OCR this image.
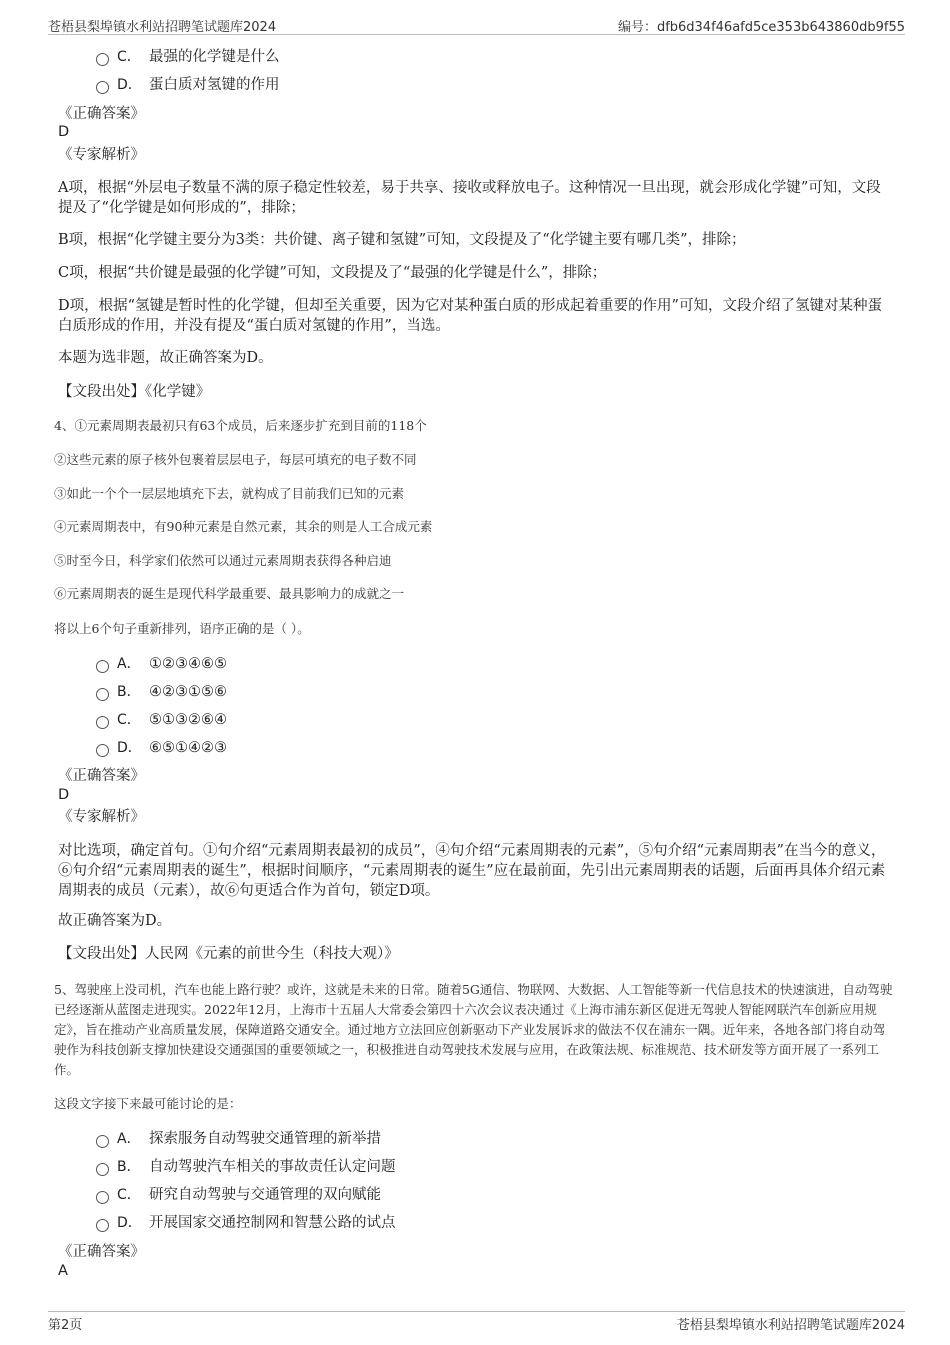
苍梧县梨埠镇水利站招聘笔试题库2024	编号：dfb6d34f46afd5ce353b643860db9f55
C． 最强的化学键是什么
D． 蛋白质对氢键的作用
《正确答案》
D
《专家解析》
A项，根据“外层电子数量不满的原子稳定性较差，易于共享、接收或释放电子。这种情况一旦出现，就会形成化学键”可知，文段提及了“化学键是如何形成的”，排除；
B项，根据“化学键主要分为3类：共价键、离子键和氢键”可知，文段提及了“化学键主要有哪几类”，排除；
C项，根据“共价键是最强的化学键”可知，文段提及了“最强的化学键是什么”，排除；
D项，根据“氢键是暂时性的化学键，但却至关重要，因为它对某种蛋白质的形成起着重要的作用”可知，文段介绍了氢键对某种蛋白质形成的作用，并没有提及“蛋白质对氢键的作用”，当选。
本题为选非题，故正确答案为D。
【文段出处】《化学键》
4、①元素周期表最初只有63个成员，后来逐步扩充到目前的118个
②这些元素的原子核外包裹着层层电子，每层可填充的电子数不同
③如此一个个一层层地填充下去，就构成了目前我们已知的元素
④元素周期表中，有90种元素是自然元素，其余的则是人工合成元素
⑤时至今日，科学家们依然可以通过元素周期表获得各种启迪
⑥元素周期表的诞生是现代科学最重要、最具影响力的成就之一
将以上6个句子重新排列，语序正确的是（ ）。
A． ①②③④⑥⑤
B． ④②③①⑤⑥
C． ⑤①③②⑥④
D． ⑥⑤①④②③
《正确答案》
D
《专家解析》
对比选项，确定首句。①句介绍“元素周期表最初的成员”，④句介绍“元素周期表的元素”，⑤句介绍“元素周期表”在当今的意义，⑥句介绍“元素周期表的诞生”，根据时间顺序，“元素周期表的诞生”应在最前面，先引出元素周期表的话题，后面再具体介绍元素周期表的成员（元素），故⑥句更适合作为首句，锁定D项。
故正确答案为D。
【文段出处】人民网《元素的前世今生（科技大观）》
5、驾驶座上没司机，汽车也能上路行驶？或许，这就是未来的日常。随着5G通信、物联网、大数据、人工智能等新一代信息技术的快速演进，自动驾驶已经逐渐从蓝图走进现实。2022年12月，上海市十五届人大常委会第四十六次会议表决通过《上海市浦东新区促进无驾驶人智能网联汽车创新应用规定》，旨在推动产业高质量发展，保障道路交通安全。通过地方立法回应创新驱动下产业发展诉求的做法不仅在浦东一隅。近年来，各地各部门将自动驾驶作为科技创新支撑加快建设交通强国的重要领域之一，积极推进自动驾驶技术发展与应用，在政策法规、标准规范、技术研发等方面开展了一系列工作。
这段文字接下来最可能讨论的是：
A． 探索服务自动驾驶交通管理的新举措
B． 自动驾驶汽车相关的事故责任认定问题
C． 研究自动驾驶与交通管理的双向赋能
D． 开展国家交通控制网和智慧公路的试点
《正确答案》
A
第2页	苍梧县梨埠镇水利站招聘笔试题库2024
